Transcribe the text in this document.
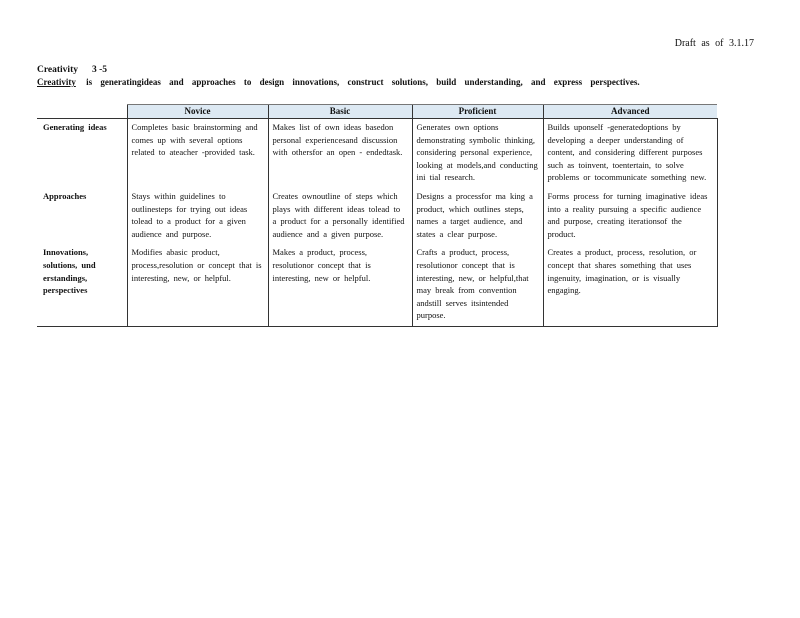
Draft as of 3.1.17
Creativity 3 -5
Creativity is generatingideas and approaches to design innovations, construct solutions, build understanding, and express perspectives.
	Novice	Basic	Proficient	Advanced
Generating ideas	Completes basic brainstorming and comes up with several options related to ateacher -provided task.	Makes list of own ideas basedon personal experiencesand discussion with othersfor an open - endedtask.	Generates own options demonstrating symbolic thinking, considering personal experience, looking at models,and conducting ini tial research.	Builds uponself -generatedoptions by developing a deeper understanding of content, and considering different purposes such as toinvent, toentertain, to solve problems or tocommunicate something new.
Approaches	Stays within guidelines to outlinesteps for trying out ideas tolead to a product for a given audience and purpose.	Creates ownoutline of steps which plays with different ideas tolead to a product for a personally identified audience and a given purpose.	Designs a processfor ma king a product, which outlines steps, names a target audience, and states a clear purpose.	Forms process for turning imaginative ideas into a reality pursuing a specific audience and purpose, creating iterationsof the product.
Innovations, solutions, und erstandings, perspectives	Modifies abasic product, process,resolution or concept that is interesting, new, or helpful.	Makes a product, process, resolutionor concept that is interesting, new or helpful.	Crafts a product, process, resolutionor concept that is interesting, new, or helpful,that may break from convention andstill serves itsintended purpose.	Creates a product, process, resolution, or concept that shares something that uses ingenuity, imagination, or is visually engaging.
